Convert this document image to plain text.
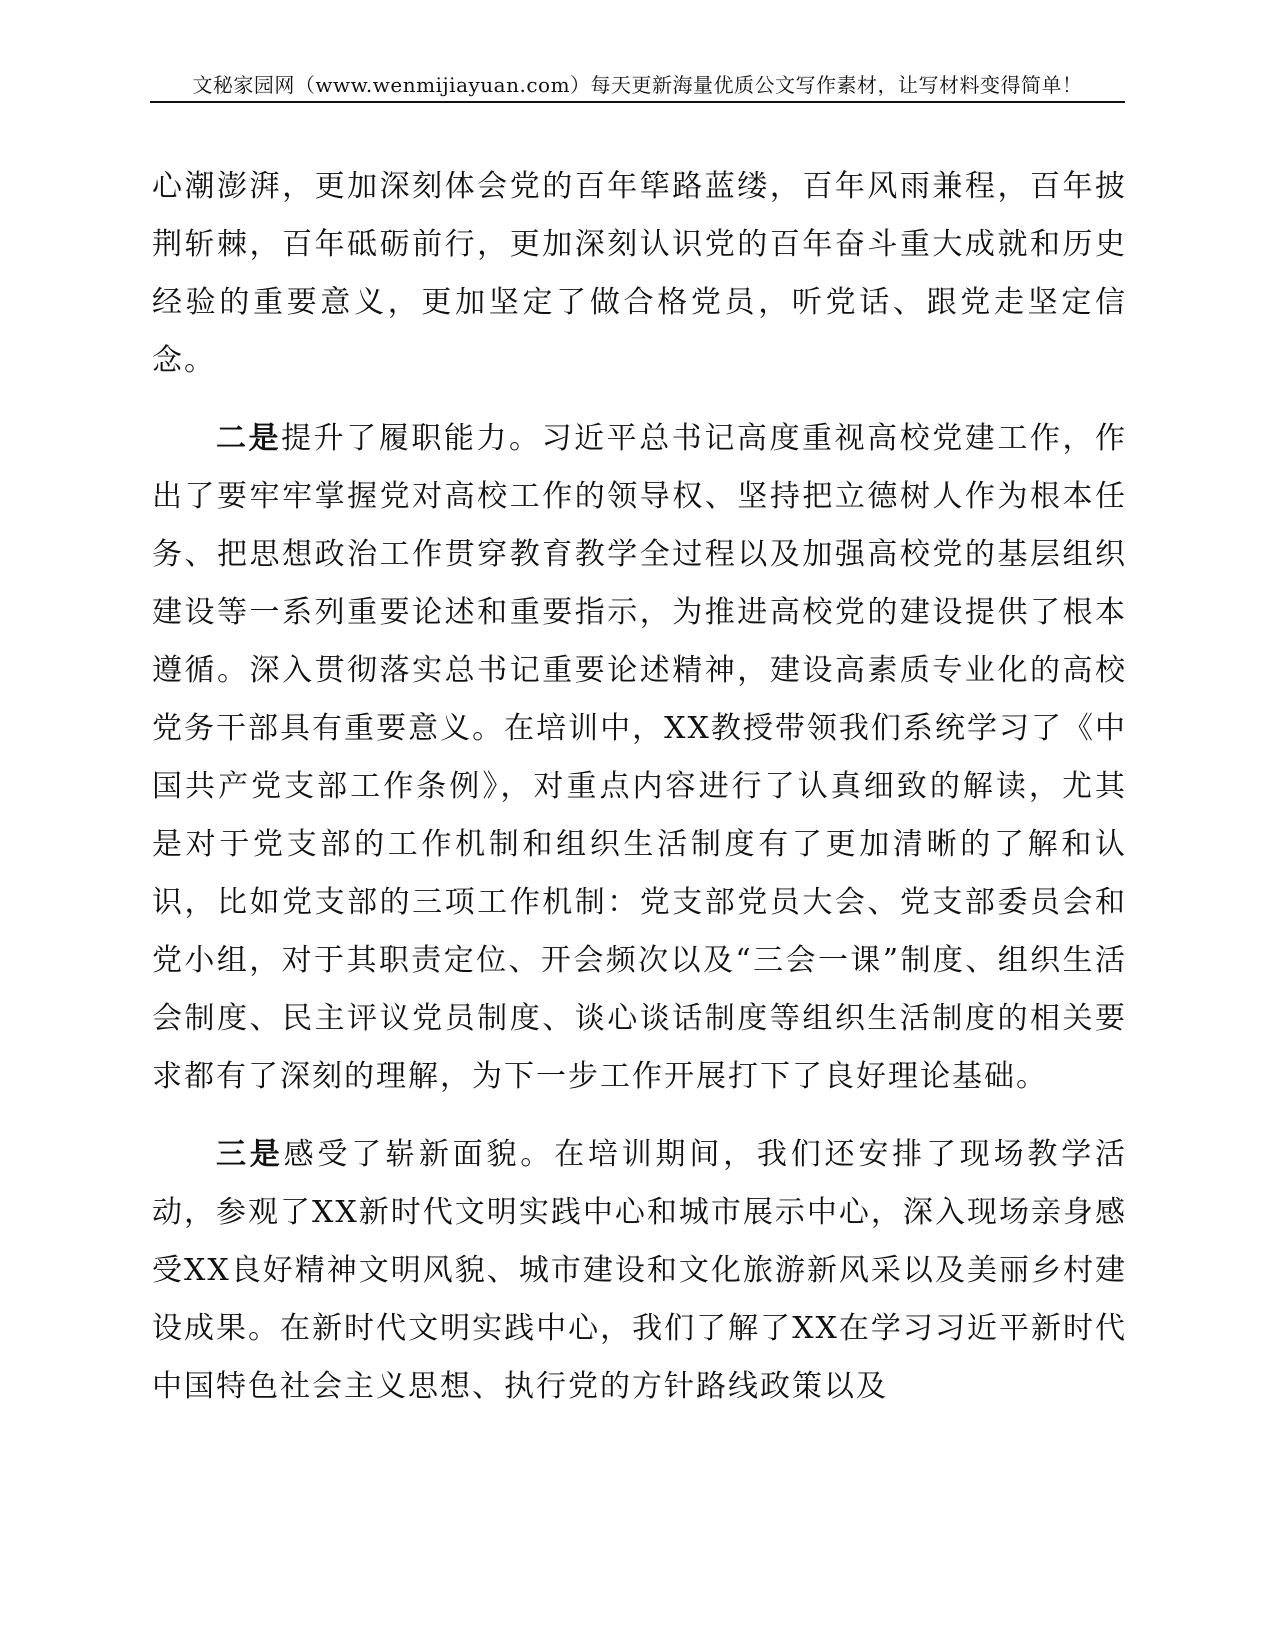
文秘家园网（www.wenmijiayuan.com）每天更新海量优质公文写作素材，让写材料变得简单！

心潮澎湃，更加深刻体会党的百年筚路蓝缕，百年风雨兼程，百年披荆斩棘，百年砥砺前行，更加深刻认识党的百年奋斗重大成就和历史经验的重要意义，更加坚定了做合格党员，听党话、跟党走坚定信念。

二是提升了履职能力。习近平总书记高度重视高校党建工作，作出了要牢牢掌握党对高校工作的领导权、坚持把立德树人作为根本任务、把思想政治工作贯穿教育教学全过程以及加强高校党的基层组织建设等一系列重要论述和重要指示，为推进高校党的建设提供了根本遵循。深入贯彻落实总书记重要论述精神，建设高素质专业化的高校党务干部具有重要意义。在培训中，XX教授带领我们系统学习了《中国共产党支部工作条例》，对重点内容进行了认真细致的解读，尤其是对于党支部的工作机制和组织生活制度有了更加清晰的了解和认识，比如党支部的三项工作机制：党支部党员大会、党支部委员会和党小组，对于其职责定位、开会频次以及“三会一课”制度、组织生活会制度、民主评议党员制度、谈心谈话制度等组织生活制度的相关要求都有了深刻的理解，为下一步工作开展打下了良好理论基础。

三是感受了崭新面貌。在培训期间，我们还安排了现场教学活动，参观了XX新时代文明实践中心和城市展示中心，深入现场亲身感受XX良好精神文明风貌、城市建设和文化旅游新风采以及美丽乡村建设成果。在新时代文明实践中心，我们了解了XX在学习习近平新时代中国特色社会主义思想、执行党的方针路线政策以及
